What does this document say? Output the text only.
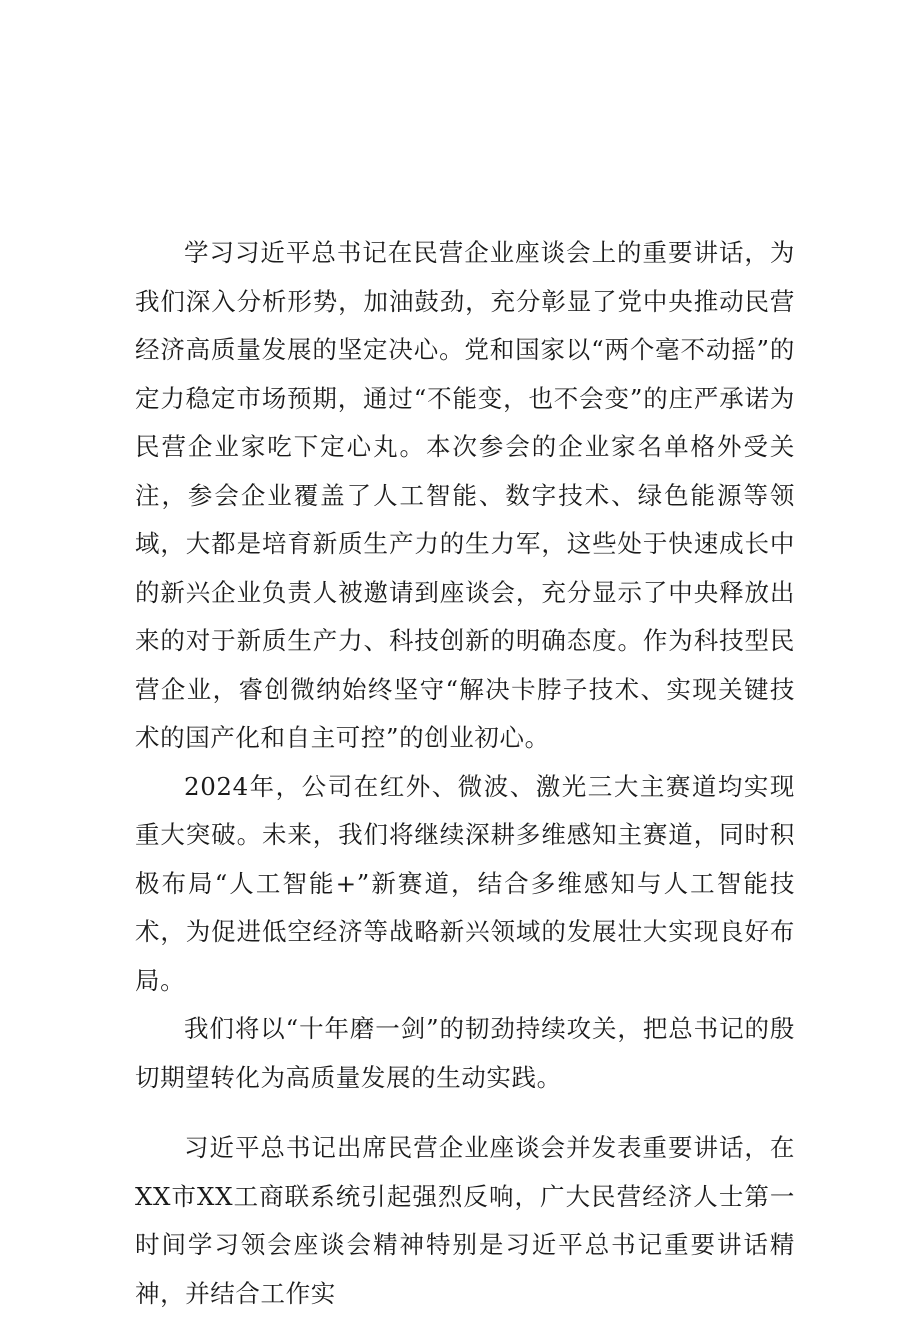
学习习近平总书记在民营企业座谈会上的重要讲话，为我们深入分析形势，加油鼓劲，充分彰显了党中央推动民营经济高质量发展的坚定决心。党和国家以“两个毫不动摇”的定力稳定市场预期，通过“不能变，也不会变”的庄严承诺为民营企业家吃下定心丸。本次参会的企业家名单格外受关注，参会企业覆盖了人工智能、数字技术、绿色能源等领域，大都是培育新质生产力的生力军，这些处于快速成长中的新兴企业负责人被邀请到座谈会，充分显示了中央释放出来的对于新质生产力、科技创新的明确态度。作为科技型民营企业，睿创微纳始终坚守“解决卡脖子技术、实现关键技术的国产化和自主可控”的创业初心。

2024年，公司在红外、微波、激光三大主赛道均实现重大突破。未来，我们将继续深耕多维感知主赛道，同时积极布局“人工智能+”新赛道，结合多维感知与人工智能技术，为促进低空经济等战略新兴领域的发展壮大实现良好布局。

我们将以“十年磨一剑”的韧劲持续攻关，把总书记的殷切期望转化为高质量发展的生动实践。

习近平总书记出席民营企业座谈会并发表重要讲话，在XX市XX工商联系统引起强烈反响，广大民营经济人士第一时间学习领会座谈会精神特别是习近平总书记重要讲话精神，并结合工作实
